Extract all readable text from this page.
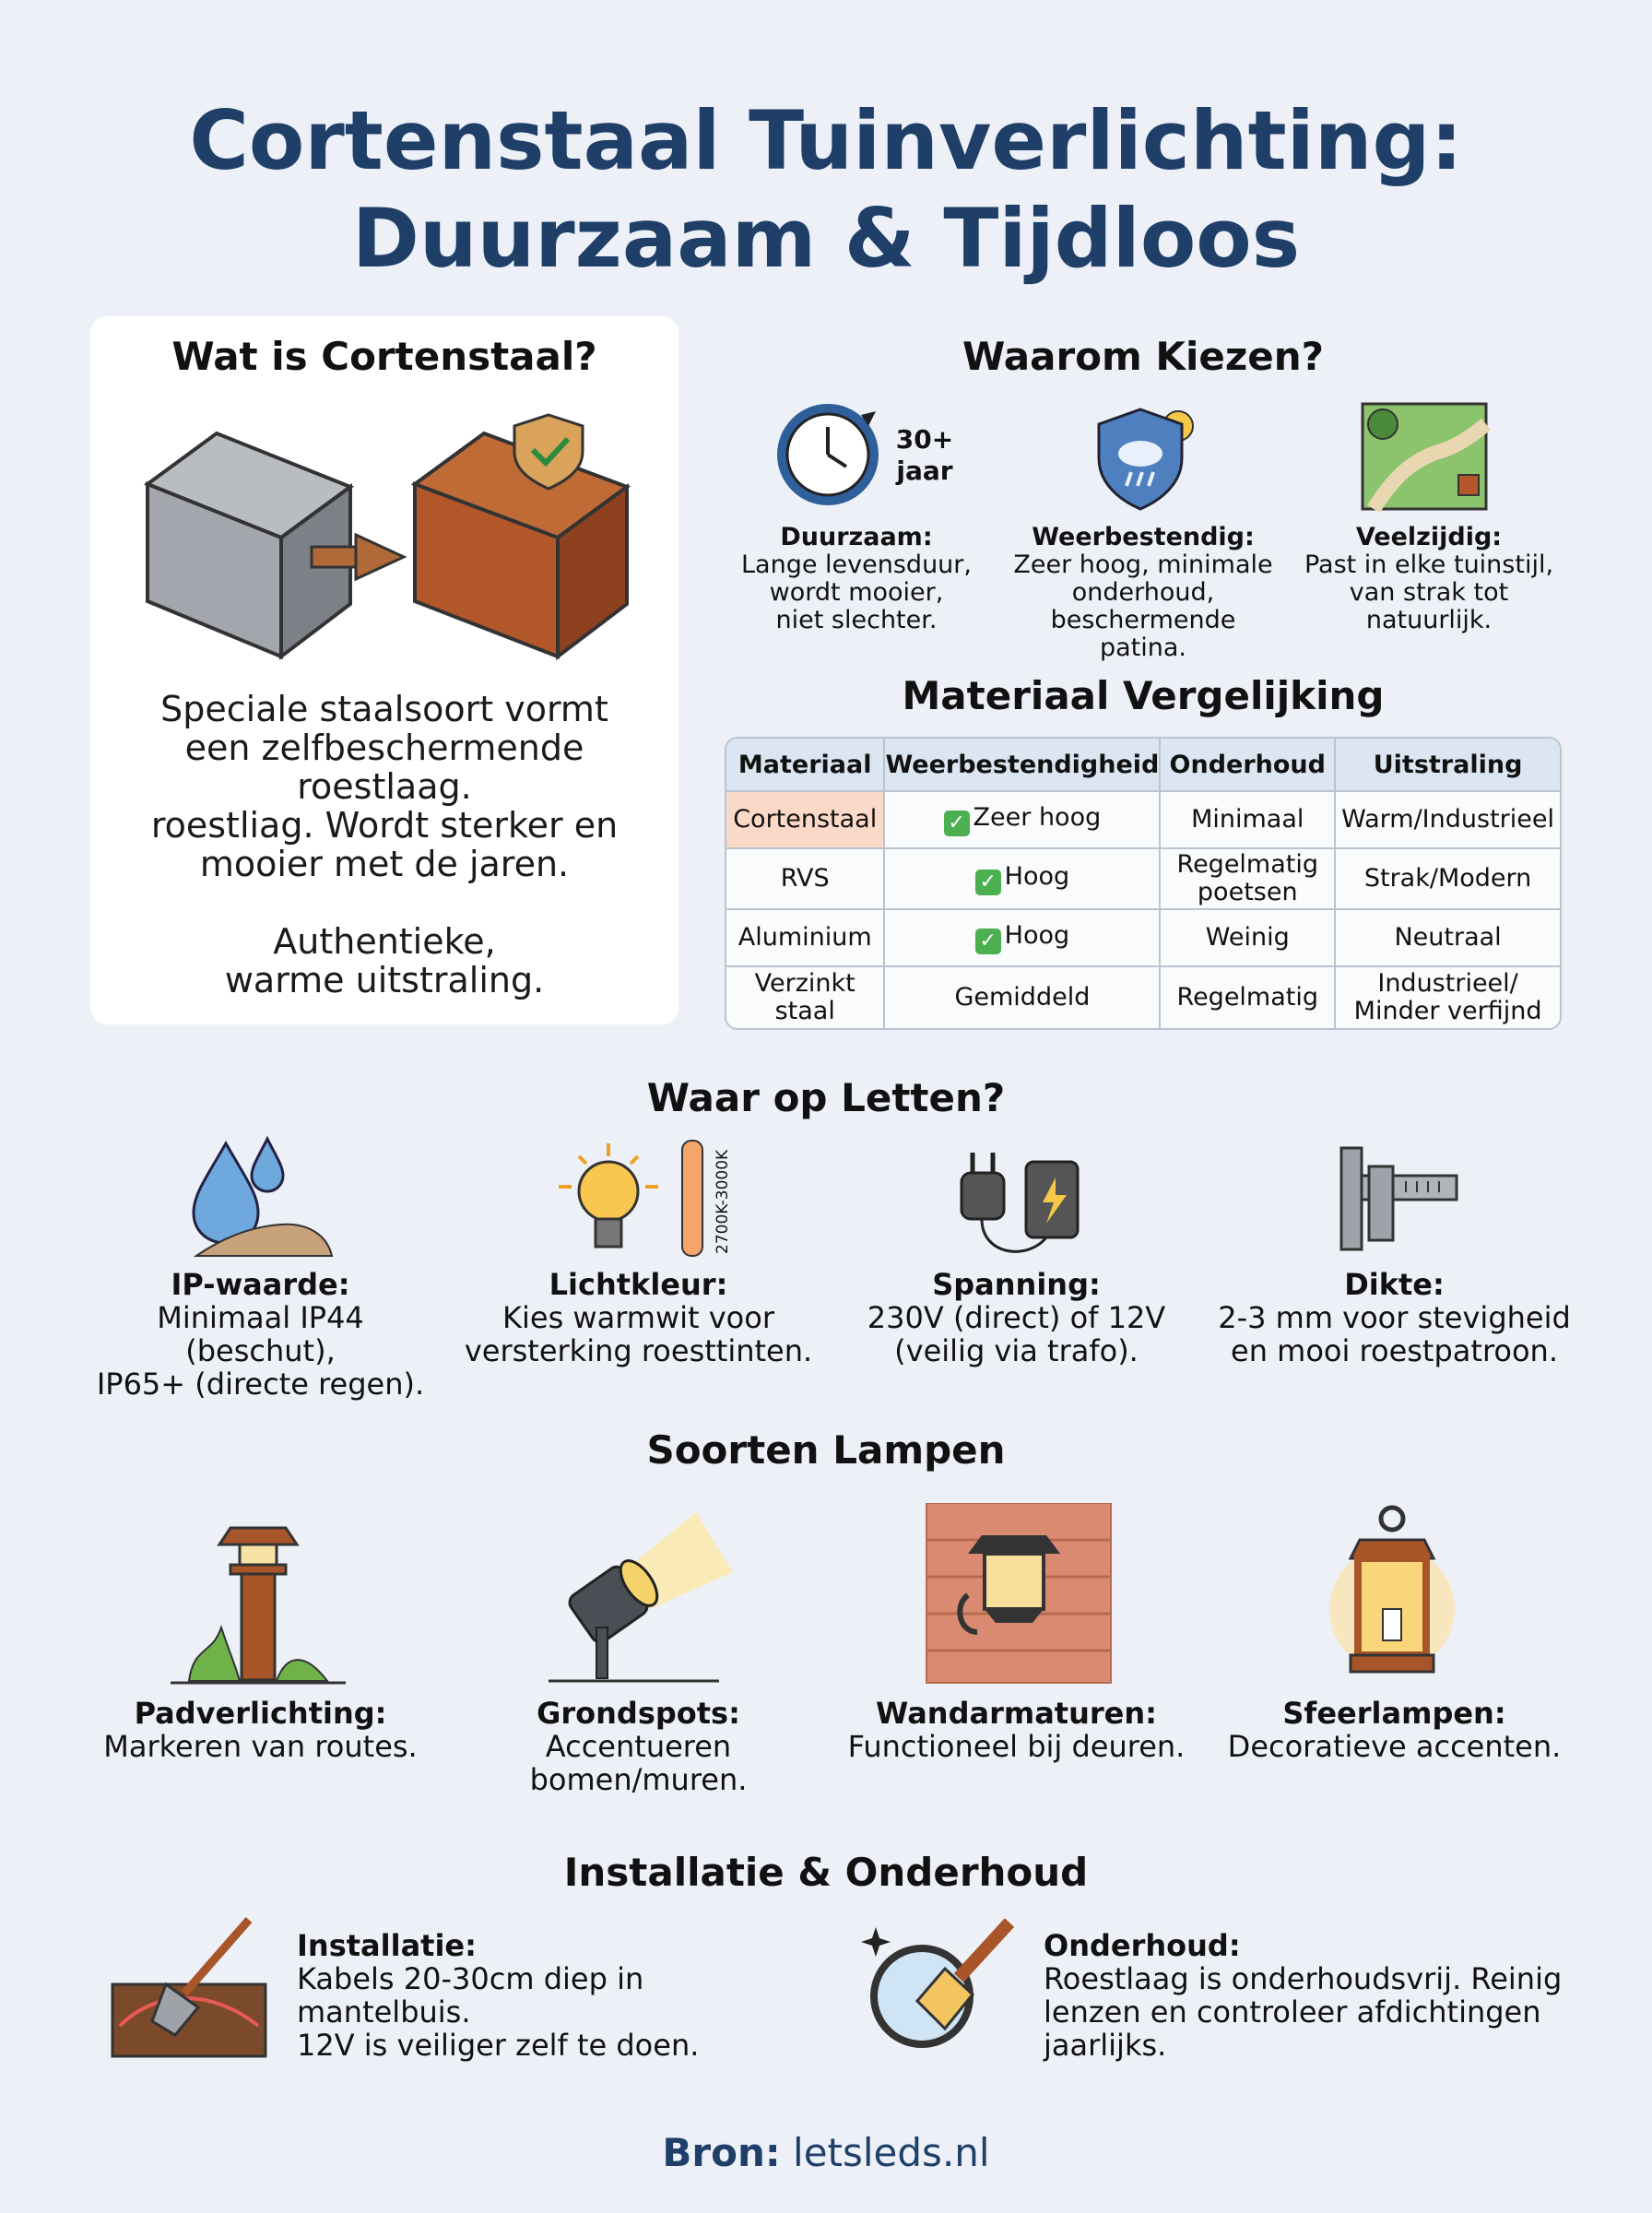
Cortenstaal Tuinverlichting:
Duurzaam & Tijdloos
Wat is Cortenstaal?
Speciale staalsoort vormt
een zelfbeschermende
roestlaag.
roestliag. Wordt sterker en
mooier met de jaren.
Authentieke,
warme uitstraling.
Waarom Kiezen?
30+
jaar
Duurzaam:
Lange levensduur,
wordt mooier,
niet slechter.
Weerbestendig:
Zeer hoog, minimale
onderhoud,
beschermende patina.
Veelzijdig:
Past in elke tuinstijl,
van strak tot natuurlijk.
Materiaal Vergelijking
Materiaal	Weerbestendigheid	Onderhoud	Uitstraling
Cortenstaal	✓ Zeer hoog	Minimaal	Warm/Industrieel
RVS	✓ Hoog	Regelmatig poetsen	Strak/Modern
Aluminium	✓ Hoog	Weinig	Neutraal
Verzinkt staal	Gemiddeld	Regelmatig	Industrieel/ Minder verfijnd
Waar op Letten?
2700K-3000K
IP-waarde:
Minimaal IP44 (beschut),
IP65+ (directe regen).
Lichtkleur:
Kies warmwit voor
versterking roesttinten.
Spanning:
230V (direct) of 12V
(veilig via trafo).
Dikte:
2-3 mm voor stevigheid
en mooi roestpatroon.
Soorten Lampen
Padverlichting:
Markeren van routes.
Grondspots:
Accentueren
bomen/muren.
Wandarmaturen:
Functioneel bij deuren.
Sfeerlampen:
Decoratieve accenten.
Installatie & Onderhoud
Installatie:
Kabels 20-30cm diep in mantelbuis.
12V is veiliger zelf te doen.
Onderhoud:
Roestlaag is onderhoudsvrij. Reinig
lenzen en controleer afdichtingen
jaarlijks.
Bron: letsleds.nl
